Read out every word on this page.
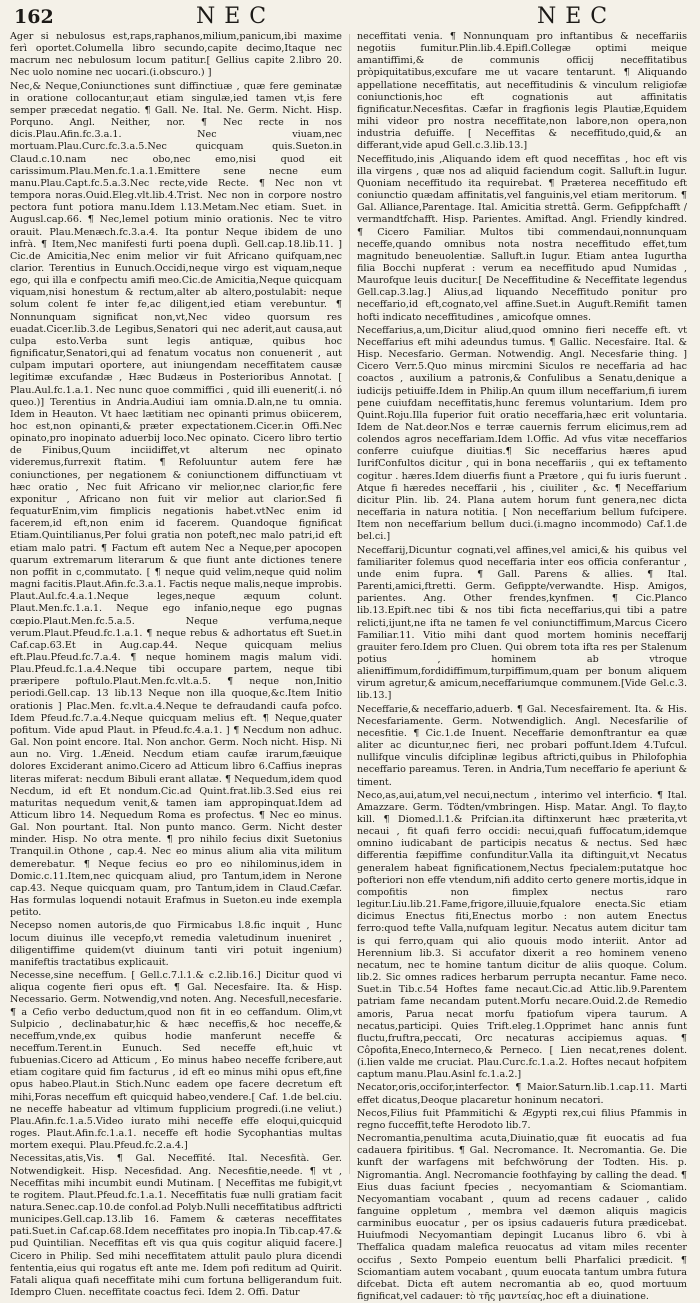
162	NEC	NEC

Ager si nebulosus est,raps,raphanos,milium,panicum,ibi maxime ferì oportet.Columella libro secundo,capite decimo,Itaque nec macrum nec nebulosum locum patitur.[ Gellius capite 2.libro 20. Nec uolo nomine nec uocari.(i.obscuro.) ]

Nec,& Neque,Coniunctiones sunt diffinctiuæ , quæ fere geminatæ in oratione collocantur,aut etiam singulæ,ied tamen vt,is fere semper præcedat negatio. ¶ Gall. Ne. Ital. Ne. Germ. Nicht. Hisp. Porquno. Angl. Neither, nor. ¶ Nec recte in nos dicis.Plau.Afin.fc.3.a.1. Nec viuam,nec mortuam.Plau.Curc.fc.3.a.5.Nec quicquam quis.Sueton.in Claud.c.10.nam nec obo,nec emo,nisi quod eit carissimum.Plau.Men.fc.1.a.1.Emittere sene necne eum manu.Plau.Capt.fc.5.a.3.Nec recte,vide Recte. ¶ Nec non vt tempora noras.Ouid.Eleg.vlt.lib.4.Trist. Nec non in corpore nostro pectora funt potiora manu.Idem l.13.Metam.Nec etiam. Suet. in Augusl.cap.66. ¶ Nec,lemel potium minio orationis. Nec te vitro orauit. Plau.Menæch.fc.3.a.4. Ita pontur Neque ibidem de uno infrà. ¶ Item,Nec manifesti furti poena duplì. Gell.cap.18.lib.11. ] Cic.de Amicitia,Nec enim melior vir fuit Africano quifquam,nec clarior. Terentius in Eunuch.Occidi,neque virgo est viquam,neque ego, qui illa e confpectu amifi meo.Cic.de Amicitia,Neque quicquam viquam,nisi honestum & rectum,alter ab altero,postulabit: neque solum colent fe inter fe,ac diligent,ied etiam verebuntur. ¶ Nonnunquam significat non,vt,Nec video quorsum res euadat.Cicer.lib.3.de Legibus,Senatori qui nec aderit,aut causa,aut culpa esto.Verba sunt legis antiquæ, quibus hoc fignificatur,Senatori,qui ad fenatum vocatus non conuenerit , aut culpam imputari oportere, aut iniungendam neceffitatem causæ legitimæ excufandæ , Hæc Budæus in Posterioribus Annotat. [ Plau.Aul.fc.1.a.1. Nec nunc quoe commiffici , quid illi euenerit(.i. nó queo.)] Terentius in Andria.Audiui iam omnia.D.aln,ne tu omnia. Idem in Heauton. Vt haec lætitiam nec opinanti primus obiicerem, hoc est,non opinanti,& præter expectationem.Cicer.in Offi.Nec opinato,pro inopinato aduerbij loco.Νec opinato. Cicero libro tertio de Finibus,Quum inciidiffet,vt alterum nec opinato videremus,furrexit ftatim. ¶ Refoluuntur autem fere hæ coniunctiones, per negationem & coniunctionem diffunctiuam vt hæc oratio , Nec fuit Africano vir melior,nec clarior,fic fere exponitur , Africano non fuit vir melior aut clarior.Sed fi fequaturEnim,vim fimplicis negationis habet.vtNec enim id facerem,id eft,non enim id facerem. Quandoque fignificat Etiam.Quintilianus,Per folui gratia non poteft,nec malo patri,id eft etiam malo patri. ¶ Factum eft autem Nec a Neque,per apocopen quarum extremarum literarum & que fiunt ante dictiones tenere non poffit in c,commutato. [ ¶ neque quid velim,neque quid nolim magni facitis.Plaut.Afin.fc.3.a.1. Factis neque malis,neque improbis. Plaut.Aul.fc.4.a.1.Neque leges,neque æquum colunt. Plaut.Men.fc.1.a.1. Neque ego infanio,neque ego pugnas cœpio.Plaut.Men.fc.5.a.5. Neque verfuma,neque verum.Plaut.Pfeud.fc.1.a.1. ¶ neque rebus & adhortatus eft Suet.in Caf.cap.63.Et in Aug.cap.44. Neque quicquam melius eft.Plau.Pfeud.fc.7.a.4. ¶ neque hominem magis malum vidi. Plau.Pfeud.fc.1.a.4.Neque tibi occupare partem, neque tibi præripere poftulo.Plaut.Men.fc.vlt.a.5. ¶ neque non,Initio periodi.Gell.cap. 13 lib.13 Neque non illa quoque,&c.Item Initio orationis ] Plac.Men. fc.vlt.a.4.Neque te defraudandi caufa pofco. Idem Pfeud.fc.7.a.4.Neque quicquam melius eft. ¶ Neque,quater pofitum. Vide apud Plaut. in Pfeud.fc.4.a.1. ] ¶ Necdum non adhuc. Gal. Non point encore. Ital. Non anchor. Germ. Noch nicht. Hisp. Ni aun no. Virg. 1.Æneid. Necdum etiam caufæ irarum,fæuique dolores Exciderant animo.Cicero ad Atticum libro 6.Caffius inepras literas miferat: necdum Bibuli erant allatæ. ¶ Nequedum,idem quod Necdum, id eft Et nondum.Cic.ad Quint.frat.lib.3.Sed eius rei maturitas nequedum venit,& tamen iam appropinquat.Idem ad Atticum libro 14. Nequedum Roma es profectus. ¶ Nec eo minus. Gal. Non pourtant. Ital. Non punto manco. Germ. Nicht dester minder. Hisp. No otra mente. ¶ pro nihilo fecius dixit Suetonius Tranquil.in Othone , cap.4. Nec eo minus alium alia vita militum demerebatur. ¶ Neque fecius eo pro eo nihilominus,idem in Domic.c.11.Item,nec quicquam aliud, pro Tantum,idem in Nerone cap.43. Neque quicquam quam, pro Tantum,idem in Claud.Cæfar. Has formulas loquendi notauit Erafmus in Sueton.eu inde exempla petito.

Necepso nomen autoris,de quo Firmicabus l.8.fic inquit , Hunc locum diuinus ille vecepfo,vt remedia valetudinum inueniret , diligentiffime quidem(vt diuinum tanti viri potuit ingenium) manifeftis tractatibus explicauit.

Necesse,sine neceffum. [ Gell.c.7.l.1.& c.2.lib.16.] Dicitur quod vi aliqua cogente fieri opus eft. ¶ Gal. Necesfaire. Ita. & Hisp. Necessario. Germ. Notwendig,vnd noten. Ang. Necesfull,necesfarie. ¶ a Cefio verbo deductum,quod non fit in eo ceffandum. Olim,vt Sulpicio , declinabatur,hic & hæc neceffis,& hoc neceffe,& neceffum,vnde,ex quibus hodie manferunt neceffe & neceffum.Terent.in Eunuch. Sed neceffe eft,huic vt fubuenias.Cicero ad Atticum , Eo minus habeo neceffe fcribere,aut etiam cogitare quid fim facturus , id eft eo minus mihi opus eft,fine opus habeo.Plaut.in Stich.Nunc eadem ope facere decretum eft mihi,Foras neceffum eft quicquid habeo,vendere.[ Caf. 1.de bel.ciu. ne neceffe habeatur ad vltimum fupplicium progredi.(i.ne veliut.) Plau.Afin.fc.1.a.5.Video iurato mihi neceffe effe eloqui,quicquid roges. Plaut.Afin.fc.1.a.1. neceffe eft hodie Sycophantias multas mortem exequi. Plau.Pfeud.fc.2.a.4.]

Necessitas,atis,Vis. ¶ Gal. Neceffité. Ital. Necesfità. Ger. Notwendigkeit. Hisp. Necesfidad. Ang. Necesfitie,neede. ¶ vt , Neceffitas mihi incumbit eundi Mutinam. [ Neceffitas me fubigit,vt te rogitem. Plaut.Pfeud.fc.1.a.1. Neceffitatis fuæ nulli gratiam facit natura.Senec.cap.10.de confol.ad Polyb.Nulli neceffitatibus adftricti municipes.Gell.cap.13.lib 16. Famem & cæteras neceffitates pati.Suet.in Caf.cap.68.Idem neceffitates pro inopia.In Tib.cap.47.& pud Quintilian. Neceffitas eft vis qua quis cogitur aliquid facere.] Cicero in Philip. Sed mihi neceffitatem attulit paulo plura dicendi fententia,eius qui rogatus eft ante me. Idem pofi reditum ad Quirit. Fatali aliqua quafi neceffitate mihi cum fortuna belligerandum fuit. Idempro Cluen. neceffitate coactus feci. Idem 2. Offi. Datur

neceffitati venia. ¶ Nonnunquam pro inftantibus & neceffariis negotiis fumitur.Plin.lib.4.Epifl.Collegæ optimi meique amantiffimi,& de communis officij neceffitatibus pròpiquitatibus,excufare me ut vacare tentarunt. ¶ Aliquando appellatione neceffitatis, aut neceffitudinis & vinculum religiofæ coniunctionis,hoc eft cognationis aut affinitatis fignificatur.Necesfitas. Cæfar in fragfionis legis Plautiæ,Equidem mihi videor pro nostra neceffitate,non labore,non opera,non industria defuiffe. [ Neceffitas & neceffitudo,quid,& an differant,vide apud Gell.c.3.lib.13.]

Neceffitudo,inis ,Aliquando idem eft quod neceffitas , hoc eft vis illa virgens , quæ nos ad aliquid faciendum cogit. Salluft.in Iugur. Quoniam neceffitudo ita requirebat. ¶ Præterea neceffitudo eft coniunctio quædam affinitatis,vel fanguinis,vel etiam meritorum. ¶ Gal. Alliance,Parentage. Ital. Amicitia strettâ. Germ. Gefippfchafft / vermandtfchafft. Hisp. Parientes. Amiftad. Angl. Friendly kindred. ¶ Cicero Familiar. Multos tibi commendaui,nonnunquam neceffe,quando omnibus nota nostra neceffitudo effet,tum magnitudo beneuolentiæ. Salluft.in Iugur. Etiam antea Iugurtha filia Bocchi nupferat : verum ea neceffitudo apud Numidas , Maurofque leuis ducitur.[ De Neceffitudine & Neceffitate legendus Gell.cap.3.lag.] Alius,ad liquando Neceffitudo ponitur pro neceffario,id eft,cognato,vel affine.Suet.in Auguft.Remifit tamen hofti indicato neceffitudines , amicofque omnes.

Neceffarius,a,um,Dicitur aliud,quod omnino fieri neceffe eft. vt Neceffarius eft mihi adeundus tumus. ¶ Gallic. Necesfaire. Ital. & Hisp. Necesfario. German. Notwendig. Angl. Necesfarie thing. ] Cicero Verr.5.Quo minus mircmini Siculos re neceffaria ad hac coactos , auxilium a patronis,& Confulibus a Senatu,denique a iudicijs petiuiffe.Idem in Philip.An quum illum neceffarium,fi iurem pene cuiufdam neceffitatis,hunc feremus voluntarium. Idem pro Quint.Roju.Illa fuperior fuit oratio neceffaria,hæc erit voluntaria. Idem de Nat.deor.Nos e terræ cauernis ferrum elicimus,rem ad colendos agros neceffariam.Idem l.Offic. Ad vfus vitæ neceffarios conferre cuiufque diuitias.¶ Sic neceffarius hæres apud IurifConfultos dicitur , qui in bona neceffariis , qui ex teftamento cogitur . hæres.Idem diuerfis fiunt a Prætore , qui fu iuris fuerunt . Atque fi hæredes neceffarii , his , ciuiliter , &c. ¶ Neceffarium dicitur Plin. lib. 24. Plana autem horum funt genera,nec dicta neceffaria in natura notitia. [ Non neceffarium bellum fufcipere. Item non neceffarium bellum duci.(i.magno incommodo) Caf.1.de bel.ci.]

Neceffarij,Dicuntur cognati,vel affines,vel amici,& his quibus vel familiariter folemus quod neceffaria inter eos officia conferantur , unde enim fupra. ¶ Gall. Parens & allies. ¶ Ital. Parenti,amici,ftretti. Germ. Gefippte/verwandte. Hisp. Amigos, parientes. Ang. Other frendes,kynfmen. ¶ Cic.Planco lib.13.Epift.nec tibi & nos tibi ficta neceffarius,qui tibi a patre relicti,ijunt,ne ifta ne tamen fe vel coniunctiffimum,Marcus Cicero Familiar.11. Vitio mihi dant quod mortem hominis neceffarij grauiter fero.Idem pro Cluen. Qui obrem tota ifta res per Stalenum potius , hominem ab vtroque alieniffimum,fordidiffimum,turpiffimum,quam per bonum aliquem virum agretur,& amicum,neceffariumque communem.[Vide Gel.c.3. lib.13.]

Neceffarie,& neceffario,aduerb. ¶ Gal. Necesfairement. Ita. & His. Necesfariamente. Germ. Notwendiglich. Angl. Necesfarilie of necesfitie. ¶ Cic.1.de Inuent. Neceffarie demonftrantur ea quæ aliter ac dicuntur,nec fieri, nec probari poffunt.Idem 4.Tufcul. nullifque vinculis difciplinæ legibus aftricti,quibus in Philofophia neceffario pareamus. Teren. in Andria,Tum neceffario fe aperiunt & timent.

Neco,as,aui,atum,vel necui,nectum , interimo vel interficio. ¶ Ital. Amazzare. Germ. Tödten/vmbringen. Hisp. Matar. Angl. To flay,to kill. ¶ Diomed.l.1.& Prifcian.ita diftinxerunt hæc præterita,vt necaui , fit quafi ferro occidi: necui,quafi fuffocatum,idemque omnino iudicabant de participis necatus & nectus. Sed hæc differentia fæpiffime confunditur.Valla ita diftinguit,vt Necatus generalem habeat fignificationem,Nectus fpecialem:putatque hoc pofteriori non effe vtendum,nifi addito certo genere mortis,idque in compofitis non fimplex nectus raro legitur.Liu.lib.21.Fame,frigore,illuuie,fqualore enecta.Sic etiam dicimus Enectus fiti,Enectus morbo : non autem Enectus ferro:quod tefte Valla,nufquam legitur. Necatus autem dicitur tam is qui ferro,quam qui alio quouis modo interiit. Antor ad Herennium lib.3. Si accufator dixerit a reo hominem veneno necatum, nec te homine tantum dicitur de aliis quoque. Colum. lib.2. Sic omnes radices herbarum perrupta necantur. Fame neco. Suet.in Tib.c.54 Hoftes fame necaut.Cic.ad Attic.lib.9.Parentem patriam fame necandam putent.Morfu necare.Ouid.2.de Remedio amoris, Parua necat morfu fpatiofum vipera taurum. A necatus,participi. Quies Trift.eleg.1.Opprimet hanc annis funt fluctu,fruftra,peccati, Orc necaturas accipiemus aquas. ¶ Côpofita,Eneco,Interneco,& Perneco. [ Lien necat,renes dolent.(i.lien valde me cruciat. Plau.Curc.fc.1.a.2. Hoftes necaut hofpitem captum manu.Plau.Asinl fc.1.a.2.]

Necator,oris,occifor,interfector. ¶ Maior.Saturn.lib.1.cap.11. Marti effet dicatus,Deoque placaretur honinum necatori.

Necos,Filius fuit Pfammitichi & Ægypti rex,cui filius Pfammis in regno fucceffit,tefte Herodoto lib.7.

Necromantia,penultima acuta,Diuinatio,quæ fit euocatis ad fua cadauera fpiritibus. ¶ Gal. Necromance. It. Necromantia. Ge. Die kunft der warfagens mit befchwörung der Todten. His. p. Nigromantia. Angl. Necromancie foothfaying by calling the dead. ¶ Eius duas faciunt fpecies , necyomantiam & Sciomantiam. Necyomantiam vocabant , quum ad recens cadauer , calido fanguine oppletum , membra vel dæmon aliquis magicis carminibus euocatur , per os ipsius cadaueris futura prædicebat. Huiufmodi Necyomantiam depingit Lucanus libro 6. vbi à Theffalica quadam malefica reuocatus ad vitam miles recenter occifus , Sexto Pompeio euentum belli Pharfalici prædicit. ¶ Sciomantiam autem vocabant , quum euocata tantum umbra futura difcebat. Dicta eft autem necromantia ab eo, quod mortuum fignificat,vel cadauer: tò τῆς μαντείας,hoc eft a diuinatione.
